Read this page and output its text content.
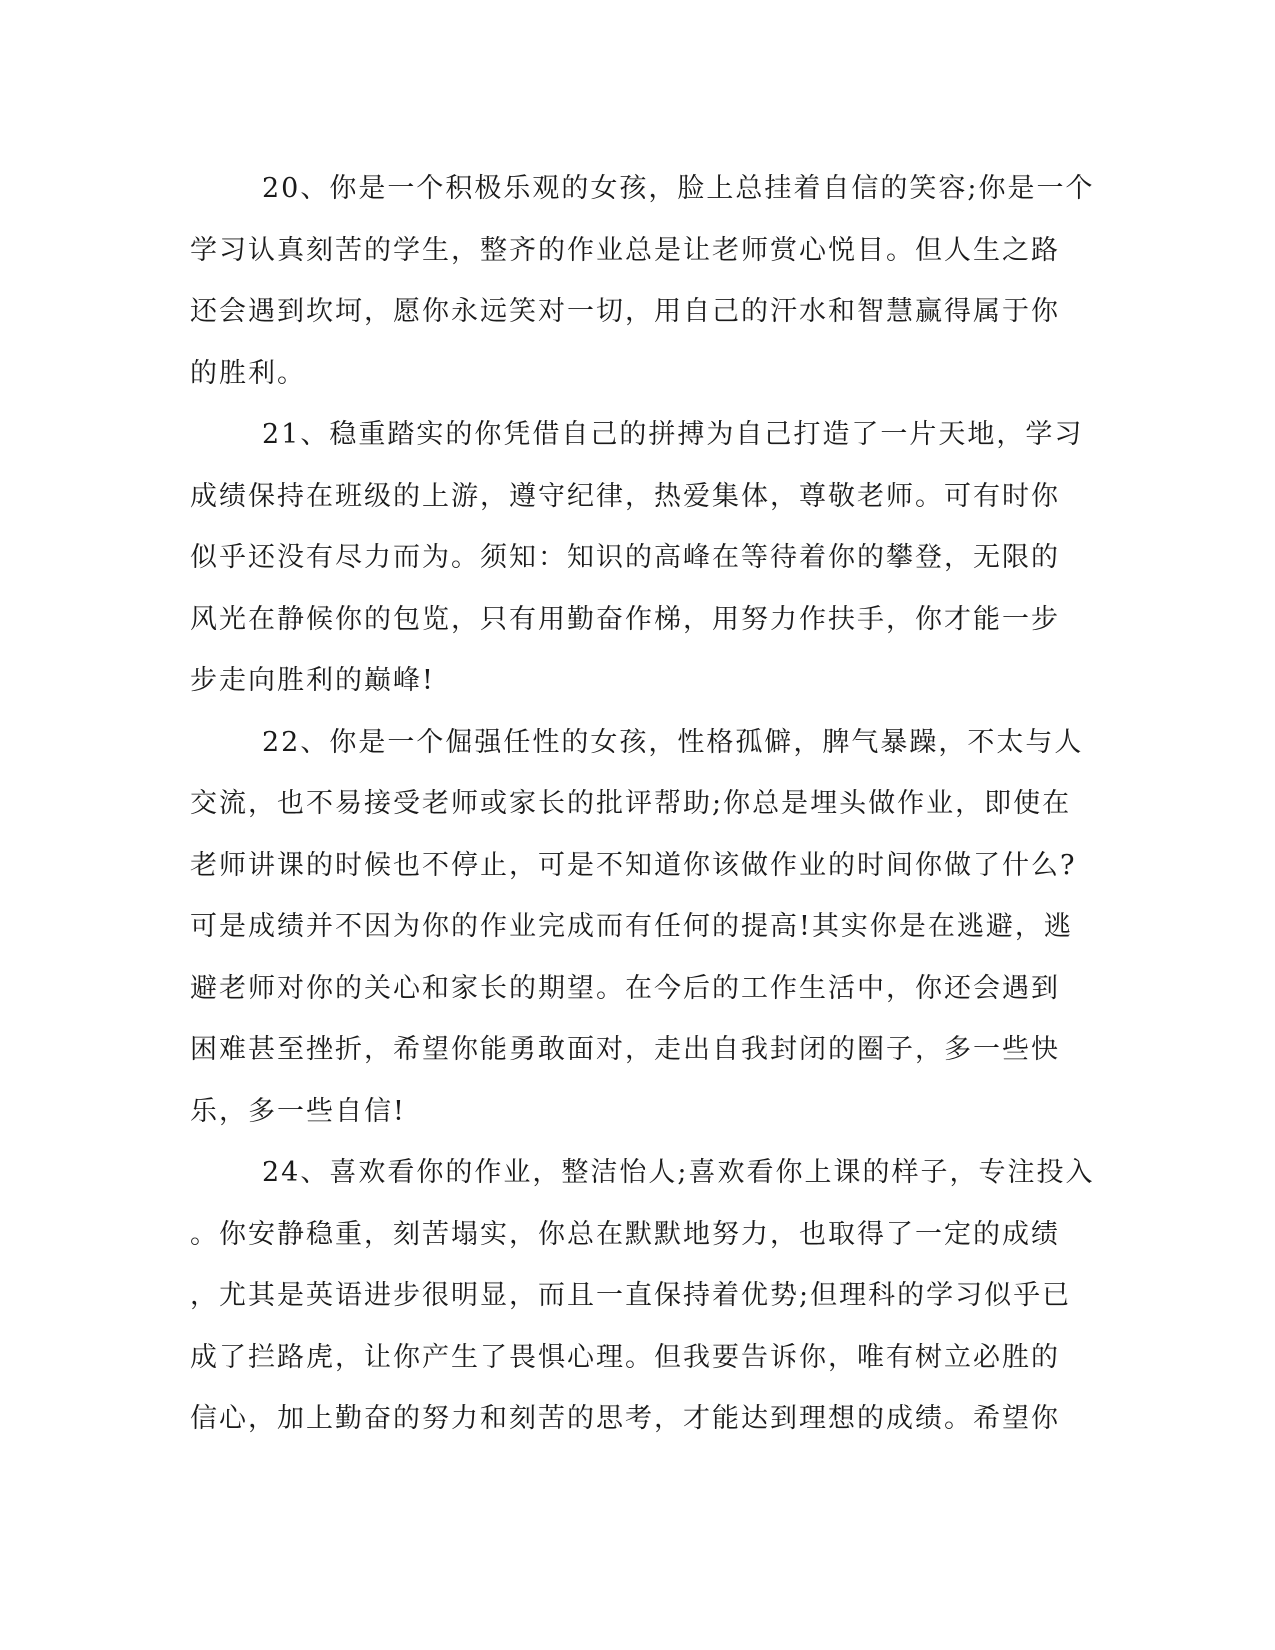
20、你是一个积极乐观的女孩，脸上总挂着自信的笑容;你是一个
学习认真刻苦的学生，整齐的作业总是让老师赏心悦目。但人生之路
还会遇到坎坷，愿你永远笑对一切，用自己的汗水和智慧赢得属于你
的胜利。
21、稳重踏实的你凭借自己的拼搏为自己打造了一片天地，学习
成绩保持在班级的上游，遵守纪律，热爱集体，尊敬老师。可有时你
似乎还没有尽力而为。须知：知识的高峰在等待着你的攀登，无限的
风光在静候你的包览，只有用勤奋作梯，用努力作扶手，你才能一步
步走向胜利的巅峰!
22、你是一个倔强任性的女孩，性格孤僻，脾气暴躁，不太与人
交流，也不易接受老师或家长的批评帮助;你总是埋头做作业，即使在
老师讲课的时候也不停止，可是不知道你该做作业的时间你做了什么?
可是成绩并不因为你的作业完成而有任何的提高!其实你是在逃避，逃
避老师对你的关心和家长的期望。在今后的工作生活中，你还会遇到
困难甚至挫折，希望你能勇敢面对，走出自我封闭的圈子，多一些快
乐，多一些自信!
24、喜欢看你的作业，整洁怡人;喜欢看你上课的样子，专注投入
。你安静稳重，刻苦塌实，你总在默默地努力，也取得了一定的成绩
，尤其是英语进步很明显，而且一直保持着优势;但理科的学习似乎已
成了拦路虎，让你产生了畏惧心理。但我要告诉你，唯有树立必胜的
信心，加上勤奋的努力和刻苦的思考，才能达到理想的成绩。希望你
